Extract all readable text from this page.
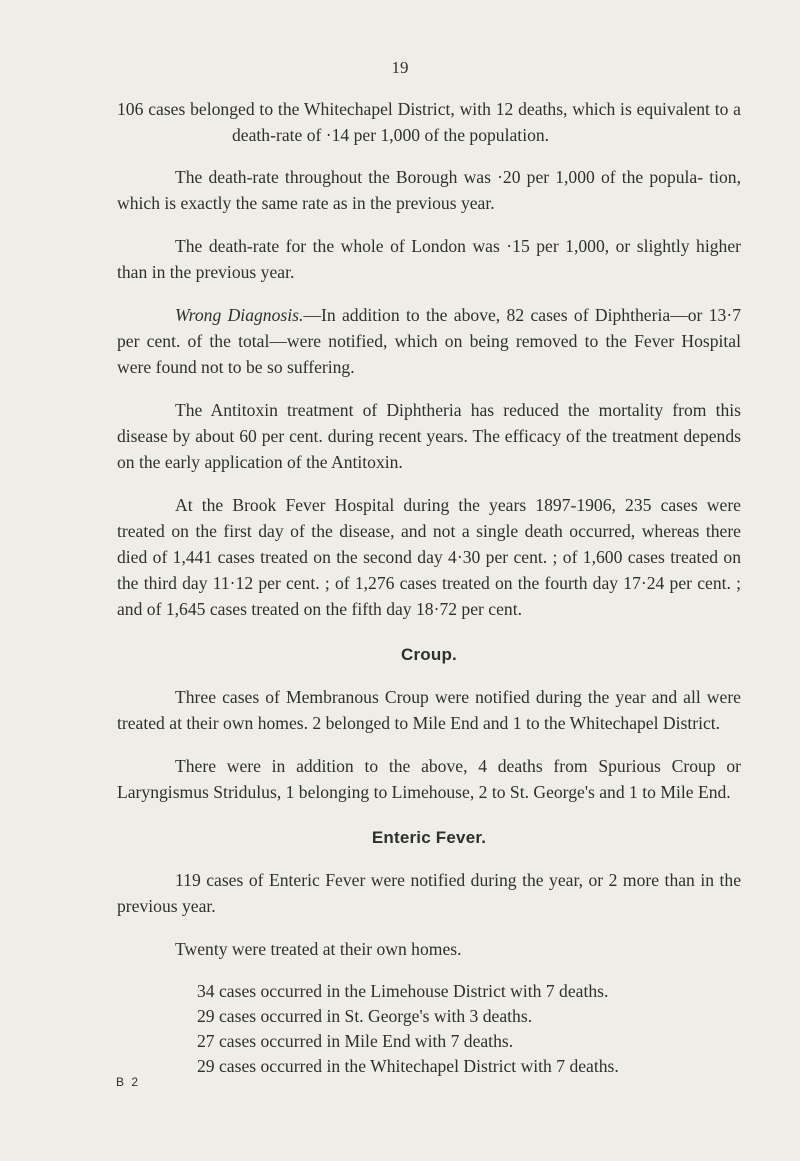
19

106 cases belonged to the Whitechapel District, with 12 deaths, which is equivalent to a death-rate of ·14 per 1,000 of the population.

The death-rate throughout the Borough was ·20 per 1,000 of the popula- tion, which is exactly the same rate as in the previous year.

The death-rate for the whole of London was ·15 per 1,000, or slightly higher than in the previous year.

Wrong Diagnosis.—In addition to the above, 82 cases of Diphtheria—or 13·7 per cent. of the total—were notified, which on being removed to the Fever Hospital were found not to be so suffering.

The Antitoxin treatment of Diphtheria has reduced the mortality from this disease by about 60 per cent. during recent years. The efficacy of the treatment depends on the early application of the Antitoxin.

At the Brook Fever Hospital during the years 1897-1906, 235 cases were treated on the first day of the disease, and not a single death occurred, whereas there died of 1,441 cases treated on the second day 4·30 per cent. ; of 1,600 cases treated on the third day 11·12 per cent. ; of 1,276 cases treated on the fourth day 17·24 per cent. ; and of 1,645 cases treated on the fifth day 18·72 per cent.

Croup.

Three cases of Membranous Croup were notified during the year and all were treated at their own homes. 2 belonged to Mile End and 1 to the Whitechapel District.

There were in addition to the above, 4 deaths from Spurious Croup or Laryngismus Stridulus, 1 belonging to Limehouse, 2 to St. George's and 1 to Mile End.

Enteric Fever.

119 cases of Enteric Fever were notified during the year, or 2 more than in the previous year.

Twenty were treated at their own homes.

34 cases occurred in the Limehouse District with 7 deaths.
29 cases occurred in St. George's with 3 deaths.
27 cases occurred in Mile End with 7 deaths.
29 cases occurred in the Whitechapel District with 7 deaths.
B 2
